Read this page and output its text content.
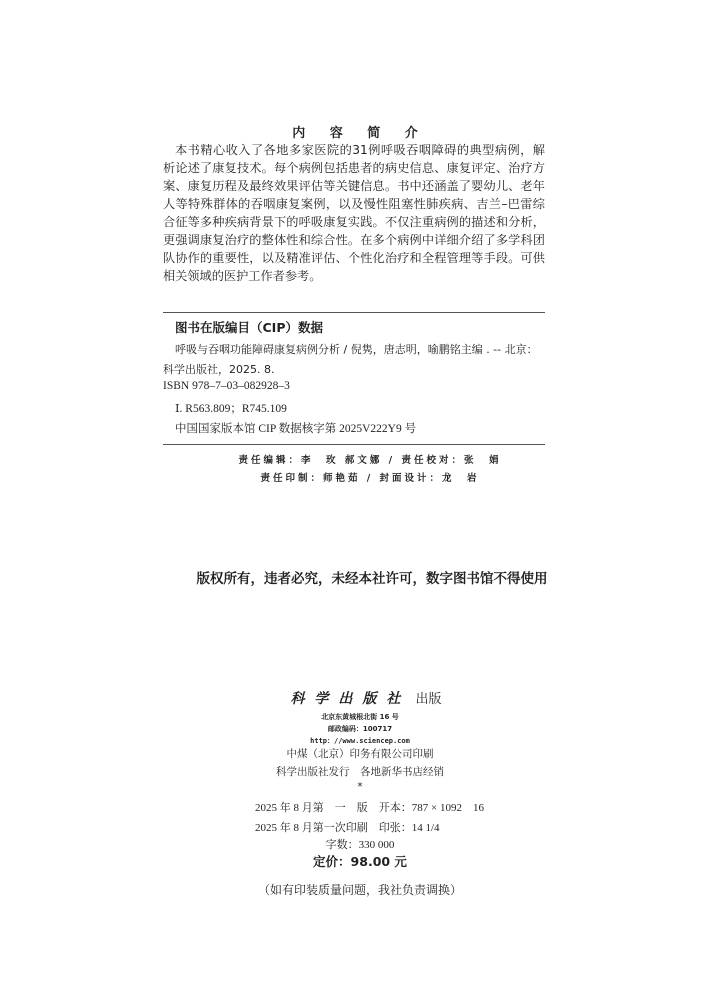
内 容 简 介
本书精心收入了各地多家医院的31例呼吸吞咽障碍的典型病例，解
析论述了康复技术。每个病例包括患者的病史信息、康复评定、治疗方
案、康复历程及最终效果评估等关键信息。书中还涵盖了婴幼儿、老年
人等特殊群体的吞咽康复案例，以及慢性阻塞性肺疾病、吉兰–巴雷综
合征等多种疾病背景下的呼吸康复实践。不仅注重病例的描述和分析，
更强调康复治疗的整体性和综合性。在多个病例中详细介绍了多学科团
队协作的重要性，以及精准评估、个性化治疗和全程管理等手段。可供
相关领域的医护工作者参考。
图书在版编目（CIP）数据
呼吸与吞咽功能障碍康复病例分析 / 倪隽，唐志明，喻鹏铭主编 . -- 北京：
科学出版社，2025. 8.
ISBN 978–7–03–082928–3
Ⅰ. R563.809；R745.109
中国国家版本馆 CIP 数据核字第 2025V222Y9 号
责任编辑：李　玫 郝文娜 / 责任校对：张　娟
责任印制：师艳茹 / 封面设计：龙　岩
版权所有，违者必究，未经本社许可，数字图书馆不得使用
科学出版社 出版
北京东黄城根北街 16 号
邮政编码：100717
http：//www.sciencep.com
中煤（北京）印务有限公司印刷
科学出版社发行　各地新华书店经销
*
2025 年 8 月第　一　版　开本：787 × 1092　16
2025 年 8 月第一次印刷　印张：14 1/4
字数：330 000
定价：98.00 元
（如有印装质量问题，我社负责调换）
